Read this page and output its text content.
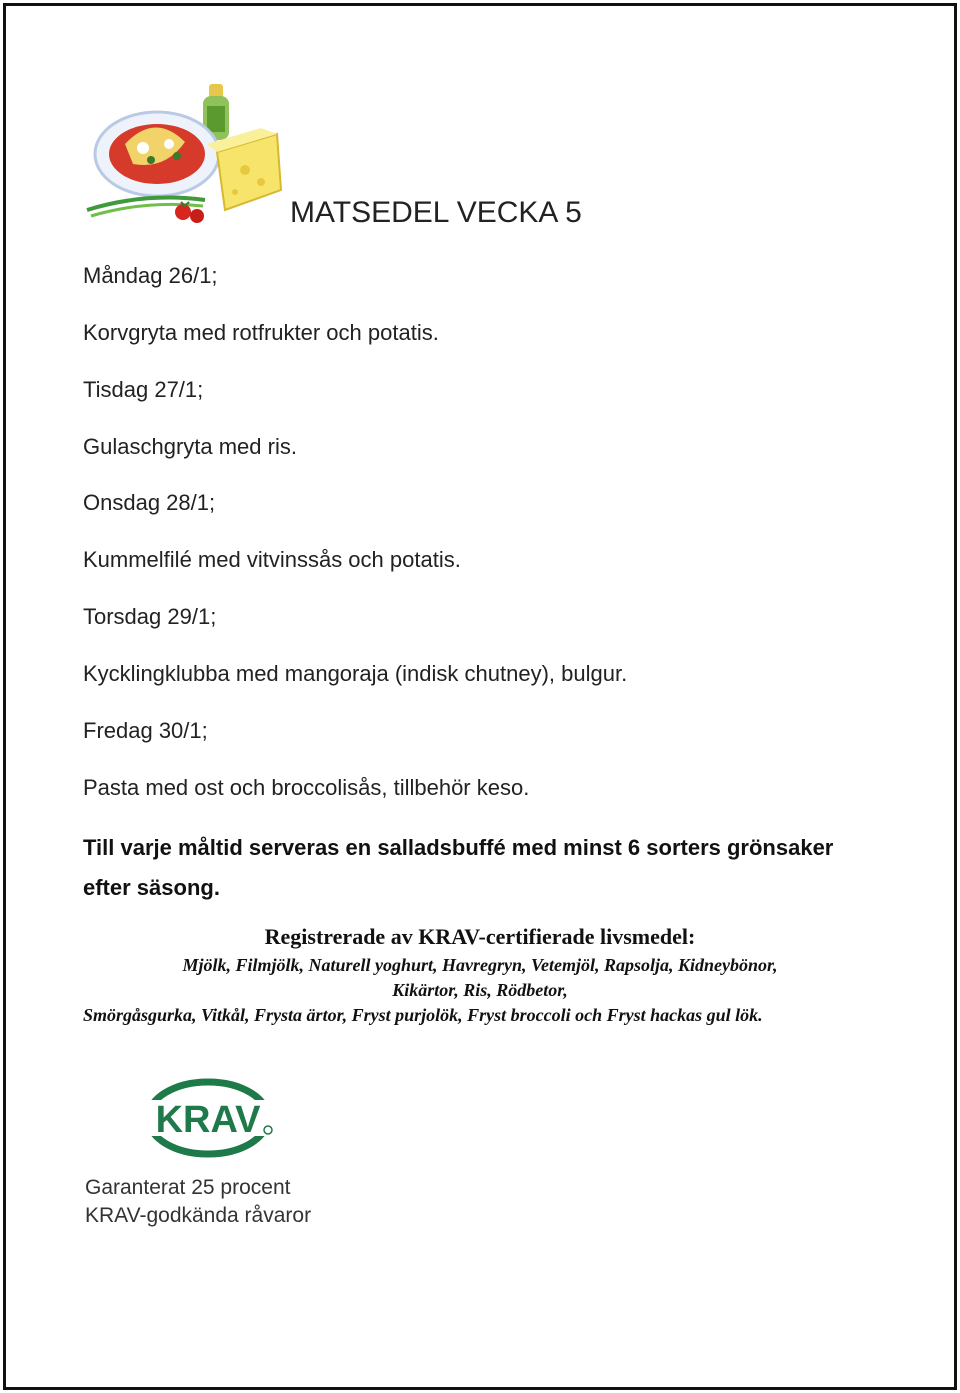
MATSEDEL VECKA 5
Måndag 26/1;
Korvgryta med rotfrukter och potatis.
Tisdag 27/1;
Gulaschgryta med ris.
Onsdag 28/1;
Kummelfilé med vitvinssås och potatis.
Torsdag 29/1;
Kycklingklubba med mangoraja (indisk chutney), bulgur.
Fredag 30/1;
Pasta med ost och broccolisås, tillbehör keso.
Till varje måltid serveras en salladsbuffé med minst 6 sorters grönsaker efter säsong.
Registrerade av KRAV-certifierade livsmedel:
Mjölk, Filmjölk, Naturell yoghurt, Havregryn, Vetemjöl, Rapsolja, Kidneybönor,
Kikärtor, Ris, Rödbetor,
Smörgåsgurka, Vitkål, Frysta ärtor, Fryst purjolök, Fryst broccoli och Fryst hackas gul lök.
KRAV
Garanterat 25 procent
KRAV-godkända råvaror
